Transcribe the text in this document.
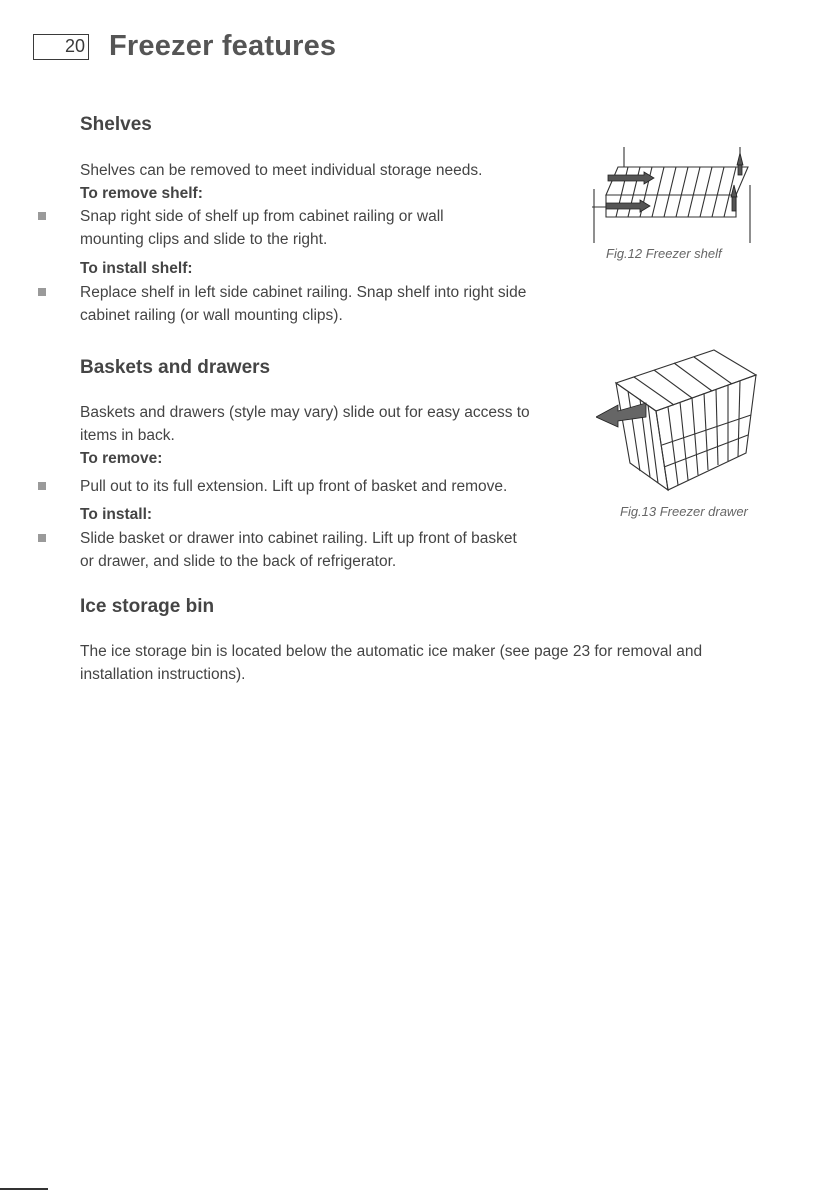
20 Freezer features
Shelves

Shelves can be removed to meet individual storage needs.

To remove shelf:
Snap right side of shelf up from cabinet railing or wall mounting clips and slide to the right.
To install shelf:
Replace shelf in left side cabinet railing. Snap shelf into right side cabinet railing (or wall mounting clips).
Fig.12 Freezer shelf
Baskets and drawers

Baskets and drawers (style may vary) slide out for easy access to items in back.

To remove:
Pull out to its full extension. Lift up front of basket and remove.
To install:
Slide basket or drawer into cabinet railing. Lift up front of basket or drawer, and slide to the back of refrigerator.
Fig.13 Freezer drawer
Ice storage bin

The ice storage bin is located below the automatic ice maker (see page 23 for removal and installation instructions).
